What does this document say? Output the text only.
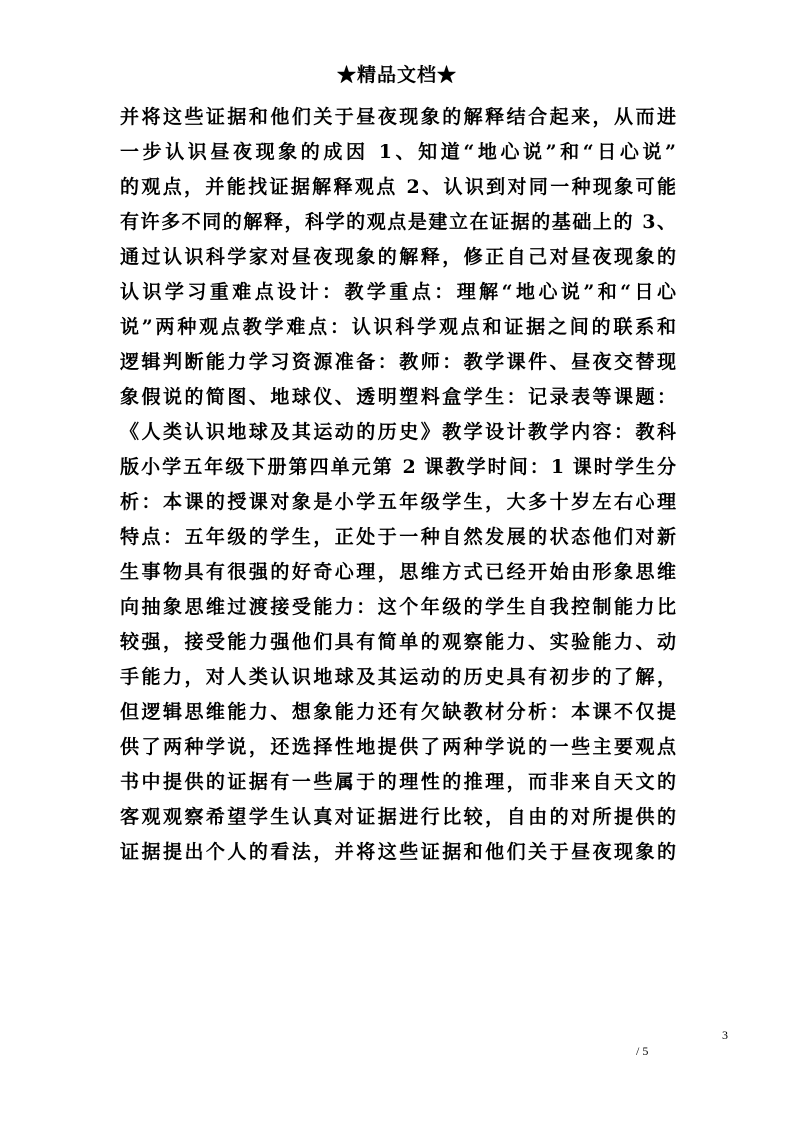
★精品文档★
并将这些证据和他们关于昼夜现象的解释结合起来，从而进
一步认识昼夜现象的成因 1、知道“地心说”和“日心说”
的观点，并能找证据解释观点 2、认识到对同一种现象可能
有许多不同的解释，科学的观点是建立在证据的基础上的 3、
通过认识科学家对昼夜现象的解释，修正自己对昼夜现象的
认识学习重难点设计：教学重点：理解“地心说”和“日心
说”两种观点教学难点：认识科学观点和证据之间的联系和
逻辑判断能力学习资源准备：教师：教学课件、昼夜交替现
象假说的简图、地球仪、透明塑料盒学生：记录表等课题：
《人类认识地球及其运动的历史》教学设计教学内容：教科
版小学五年级下册第四单元第 2 课教学时间：1 课时学生分
析：本课的授课对象是小学五年级学生，大多十岁左右心理
特点：五年级的学生，正处于一种自然发展的状态他们对新
生事物具有很强的好奇心理，思维方式已经开始由形象思维
向抽象思维过渡接受能力：这个年级的学生自我控制能力比
较强，接受能力强他们具有简单的观察能力、实验能力、动
手能力，对人类认识地球及其运动的历史具有初步的了解，
但逻辑思维能力、想象能力还有欠缺教材分析：本课不仅提
供了两种学说，还选择性地提供了两种学说的一些主要观点
书中提供的证据有一些属于的理性的推理，而非来自天文的
客观观察希望学生认真对证据进行比较，自由的对所提供的
证据提出个人的看法，并将这些证据和他们关于昼夜现象的
3
/ 5
